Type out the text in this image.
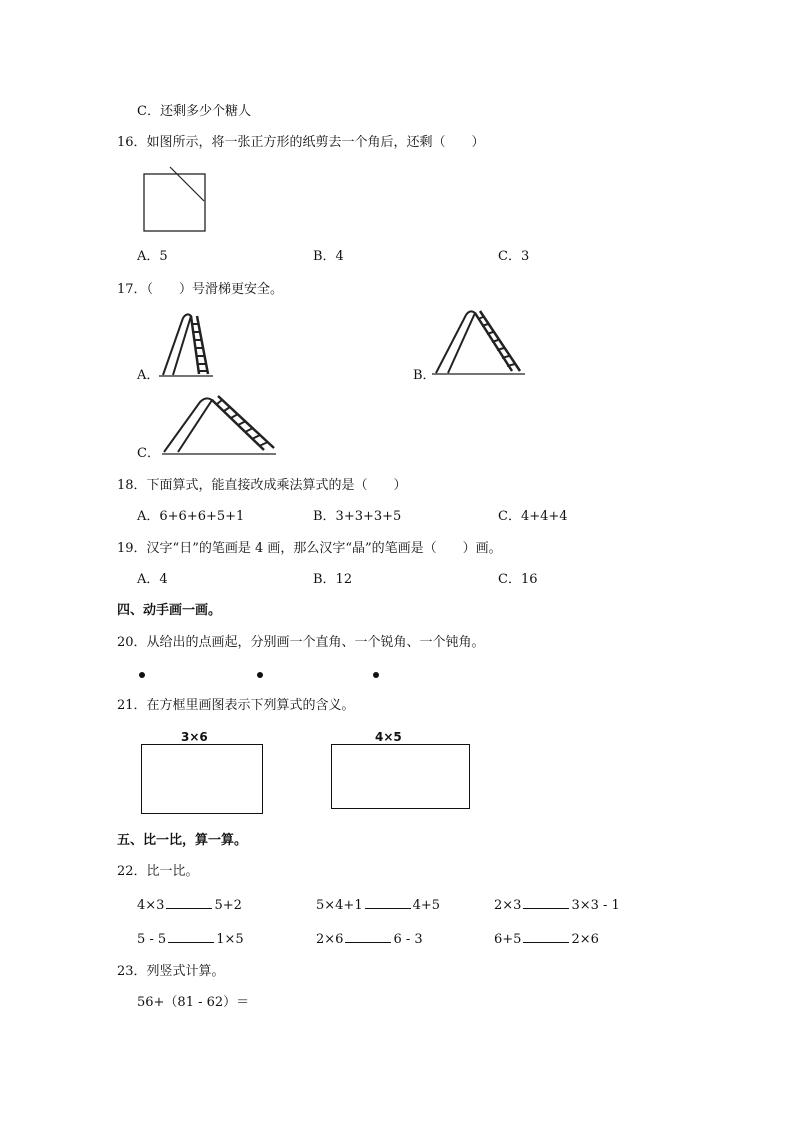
C．还剩多少个糖人
16．如图所示，将一张正方形的纸剪去一个角后，还剩（　　）
A．5	B．4	C．3
17．（　　）号滑梯更安全。
A．	B．
C．
18．下面算式，能直接改成乘法算式的是（　　）
A．6+6+6+5+1	B．3+3+3+5	C．4+4+4
19．汉字“日”的笔画是 4 画，那么汉字“晶”的笔画是（　　）画。
A．4	B．12	C．16
四、动手画一画。
20．从给出的点画起，分别画一个直角、一个锐角、一个钝角。
21．在方框里画图表示下列算式的含义。
3×6	4×5
五、比一比，算一算。
22．比一比。
4×3	5+2	5×4+1	4+5	2×3	3×3 - 1
5 - 5	1×5	2×6	6 - 3	6+5	2×6
23．列竖式计算。
56+（81 - 62）＝
